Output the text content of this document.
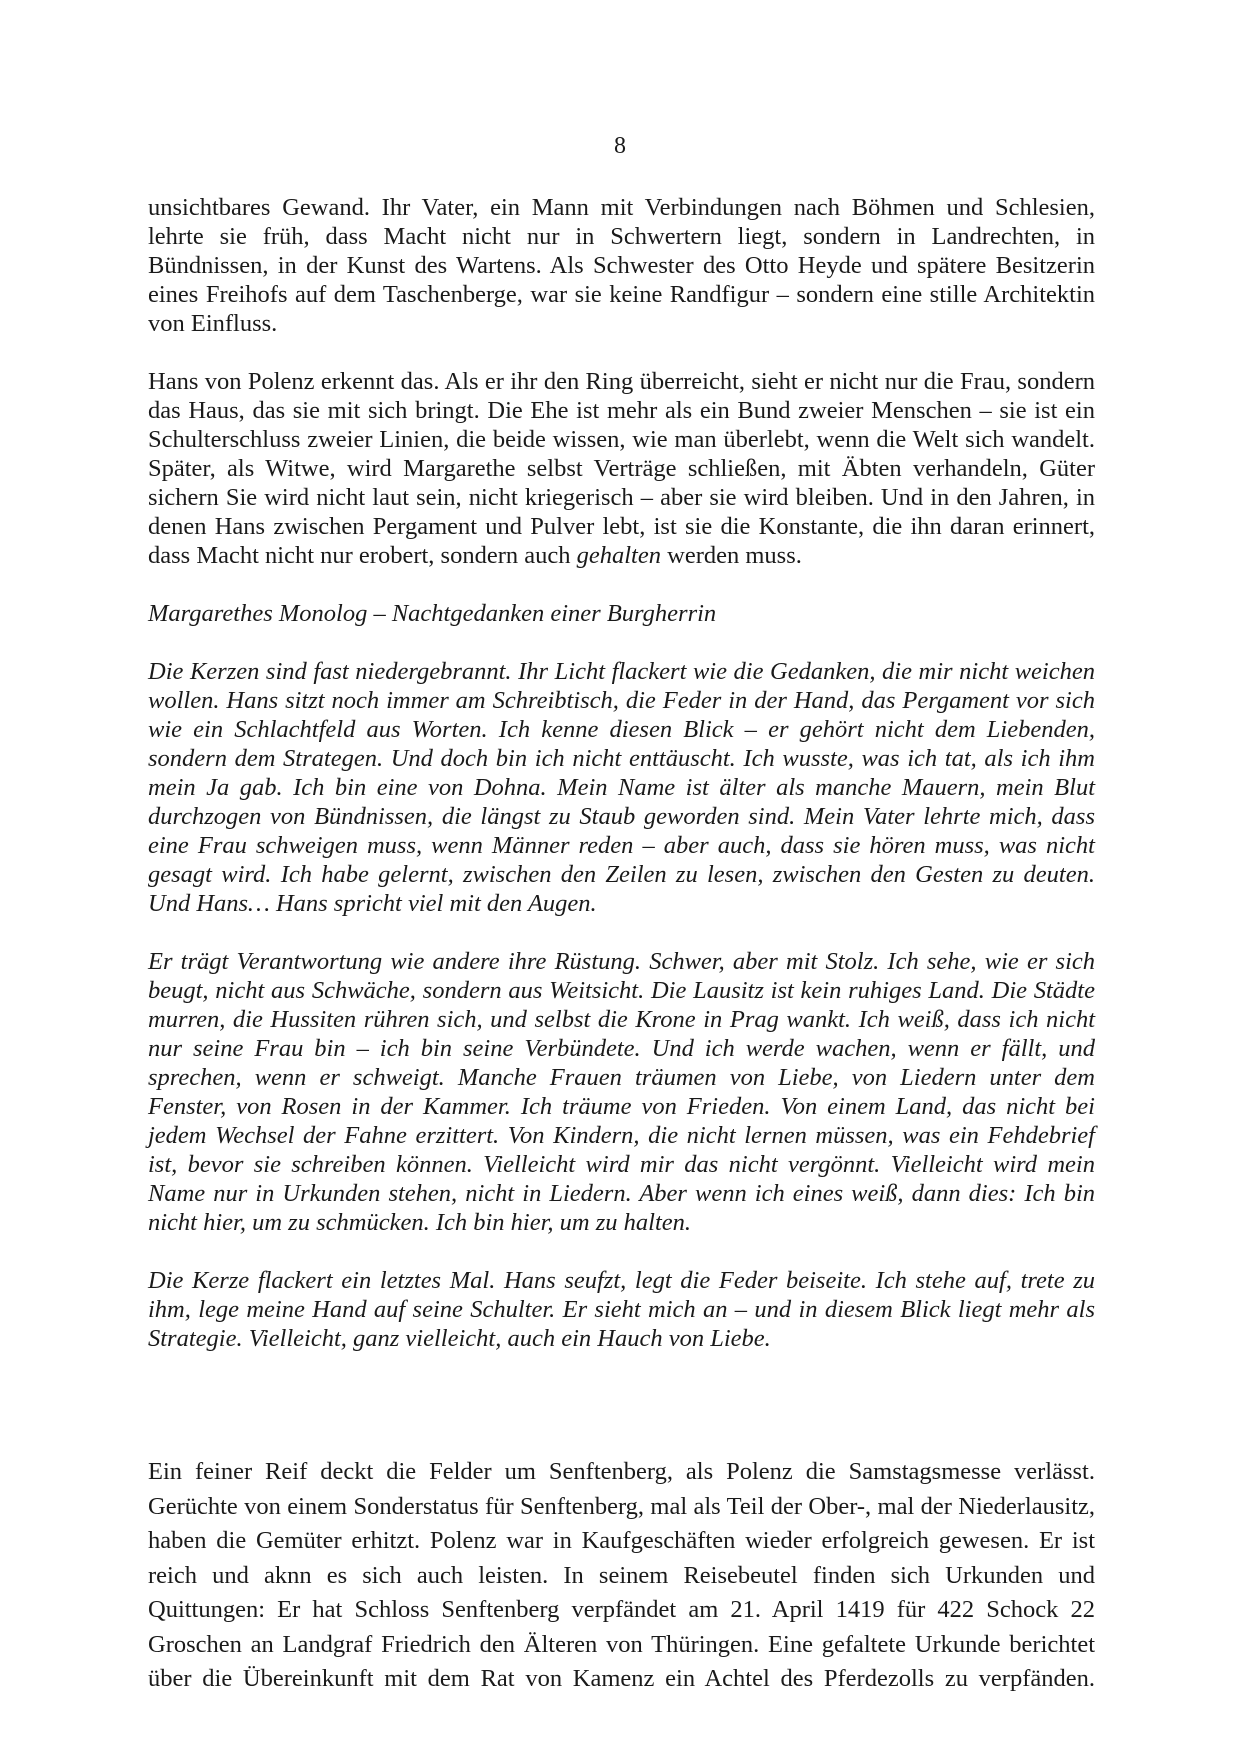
8

unsichtbares Gewand. Ihr Vater, ein Mann mit Verbindungen nach Böhmen und Schlesien, lehrte sie früh, dass Macht nicht nur in Schwertern liegt, sondern in Landrechten, in Bündnissen, in der Kunst des Wartens. Als Schwester des Otto Heyde und spätere Besitzerin eines Freihofs auf dem Taschenberge, war sie keine Randfigur – sondern eine stille Architektin von Einfluss.

Hans von Polenz erkennt das. Als er ihr den Ring überreicht, sieht er nicht nur die Frau, sondern das Haus, das sie mit sich bringt. Die Ehe ist mehr als ein Bund zweier Menschen – sie ist ein Schulterschluss zweier Linien, die beide wissen, wie man überlebt, wenn die Welt sich wandelt. Später, als Witwe, wird Margarethe selbst Verträge schließen, mit Äbten verhandeln, Güter sichern Sie wird nicht laut sein, nicht kriegerisch – aber sie wird bleiben. Und in den Jahren, in denen Hans zwischen Pergament und Pulver lebt, ist sie die Konstante, die ihn daran erinnert, dass Macht nicht nur erobert, sondern auch gehalten werden muss.

Margarethes Monolog – Nachtgedanken einer Burgherrin

Die Kerzen sind fast niedergebrannt. Ihr Licht flackert wie die Gedanken, die mir nicht weichen wollen. Hans sitzt noch immer am Schreibtisch, die Feder in der Hand, das Pergament vor sich wie ein Schlachtfeld aus Worten. Ich kenne diesen Blick – er gehört nicht dem Liebenden, sondern dem Strategen. Und doch bin ich nicht enttäuscht. Ich wusste, was ich tat, als ich ihm mein Ja gab. Ich bin eine von Dohna. Mein Name ist älter als manche Mauern, mein Blut durchzogen von Bündnissen, die längst zu Staub geworden sind. Mein Vater lehrte mich, dass eine Frau schweigen muss, wenn Männer reden – aber auch, dass sie hören muss, was nicht gesagt wird. Ich habe gelernt, zwischen den Zeilen zu lesen, zwischen den Gesten zu deuten. Und Hans… Hans spricht viel mit den Augen.

Er trägt Verantwortung wie andere ihre Rüstung. Schwer, aber mit Stolz. Ich sehe, wie er sich beugt, nicht aus Schwäche, sondern aus Weitsicht. Die Lausitz ist kein ruhiges Land. Die Städte murren, die Hussiten rühren sich, und selbst die Krone in Prag wankt. Ich weiß, dass ich nicht nur seine Frau bin – ich bin seine Verbündete. Und ich werde wachen, wenn er fällt, und sprechen, wenn er schweigt. Manche Frauen träumen von Liebe, von Liedern unter dem Fenster, von Rosen in der Kammer. Ich träume von Frieden. Von einem Land, das nicht bei jedem Wechsel der Fahne erzittert. Von Kindern, die nicht lernen müssen, was ein Fehdebrief ist, bevor sie schreiben können. Vielleicht wird mir das nicht vergönnt. Vielleicht wird mein Name nur in Urkunden stehen, nicht in Liedern. Aber wenn ich eines weiß, dann dies: Ich bin nicht hier, um zu schmücken. Ich bin hier, um zu halten.

Die Kerze flackert ein letztes Mal. Hans seufzt, legt die Feder beiseite. Ich stehe auf, trete zu ihm, lege meine Hand auf seine Schulter. Er sieht mich an – und in diesem Blick liegt mehr als Strategie. Vielleicht, ganz vielleicht, auch ein Hauch von Liebe.

Ein feiner Reif deckt die Felder um Senftenberg, als Polenz die Samstagsmesse verlässt. Gerüchte von einem Sonderstatus für Senftenberg, mal als Teil der Ober-, mal der Niederlausitz, haben die Gemüter erhitzt. Polenz war in Kaufgeschäften wieder erfolgreich gewesen. Er ist reich und aknn es sich auch leisten. In seinem Reisebeutel finden sich Urkunden und Quittungen: Er hat Schloss Senftenberg verpfändet am 21. April 1419 für 422 Schock 22 Groschen an Landgraf Friedrich den Älteren von Thüringen. Eine gefaltete Urkunde berichtet über die Übereinkunft mit dem Rat von Kamenz ein Achtel des Pferdezolls zu verpfänden.
